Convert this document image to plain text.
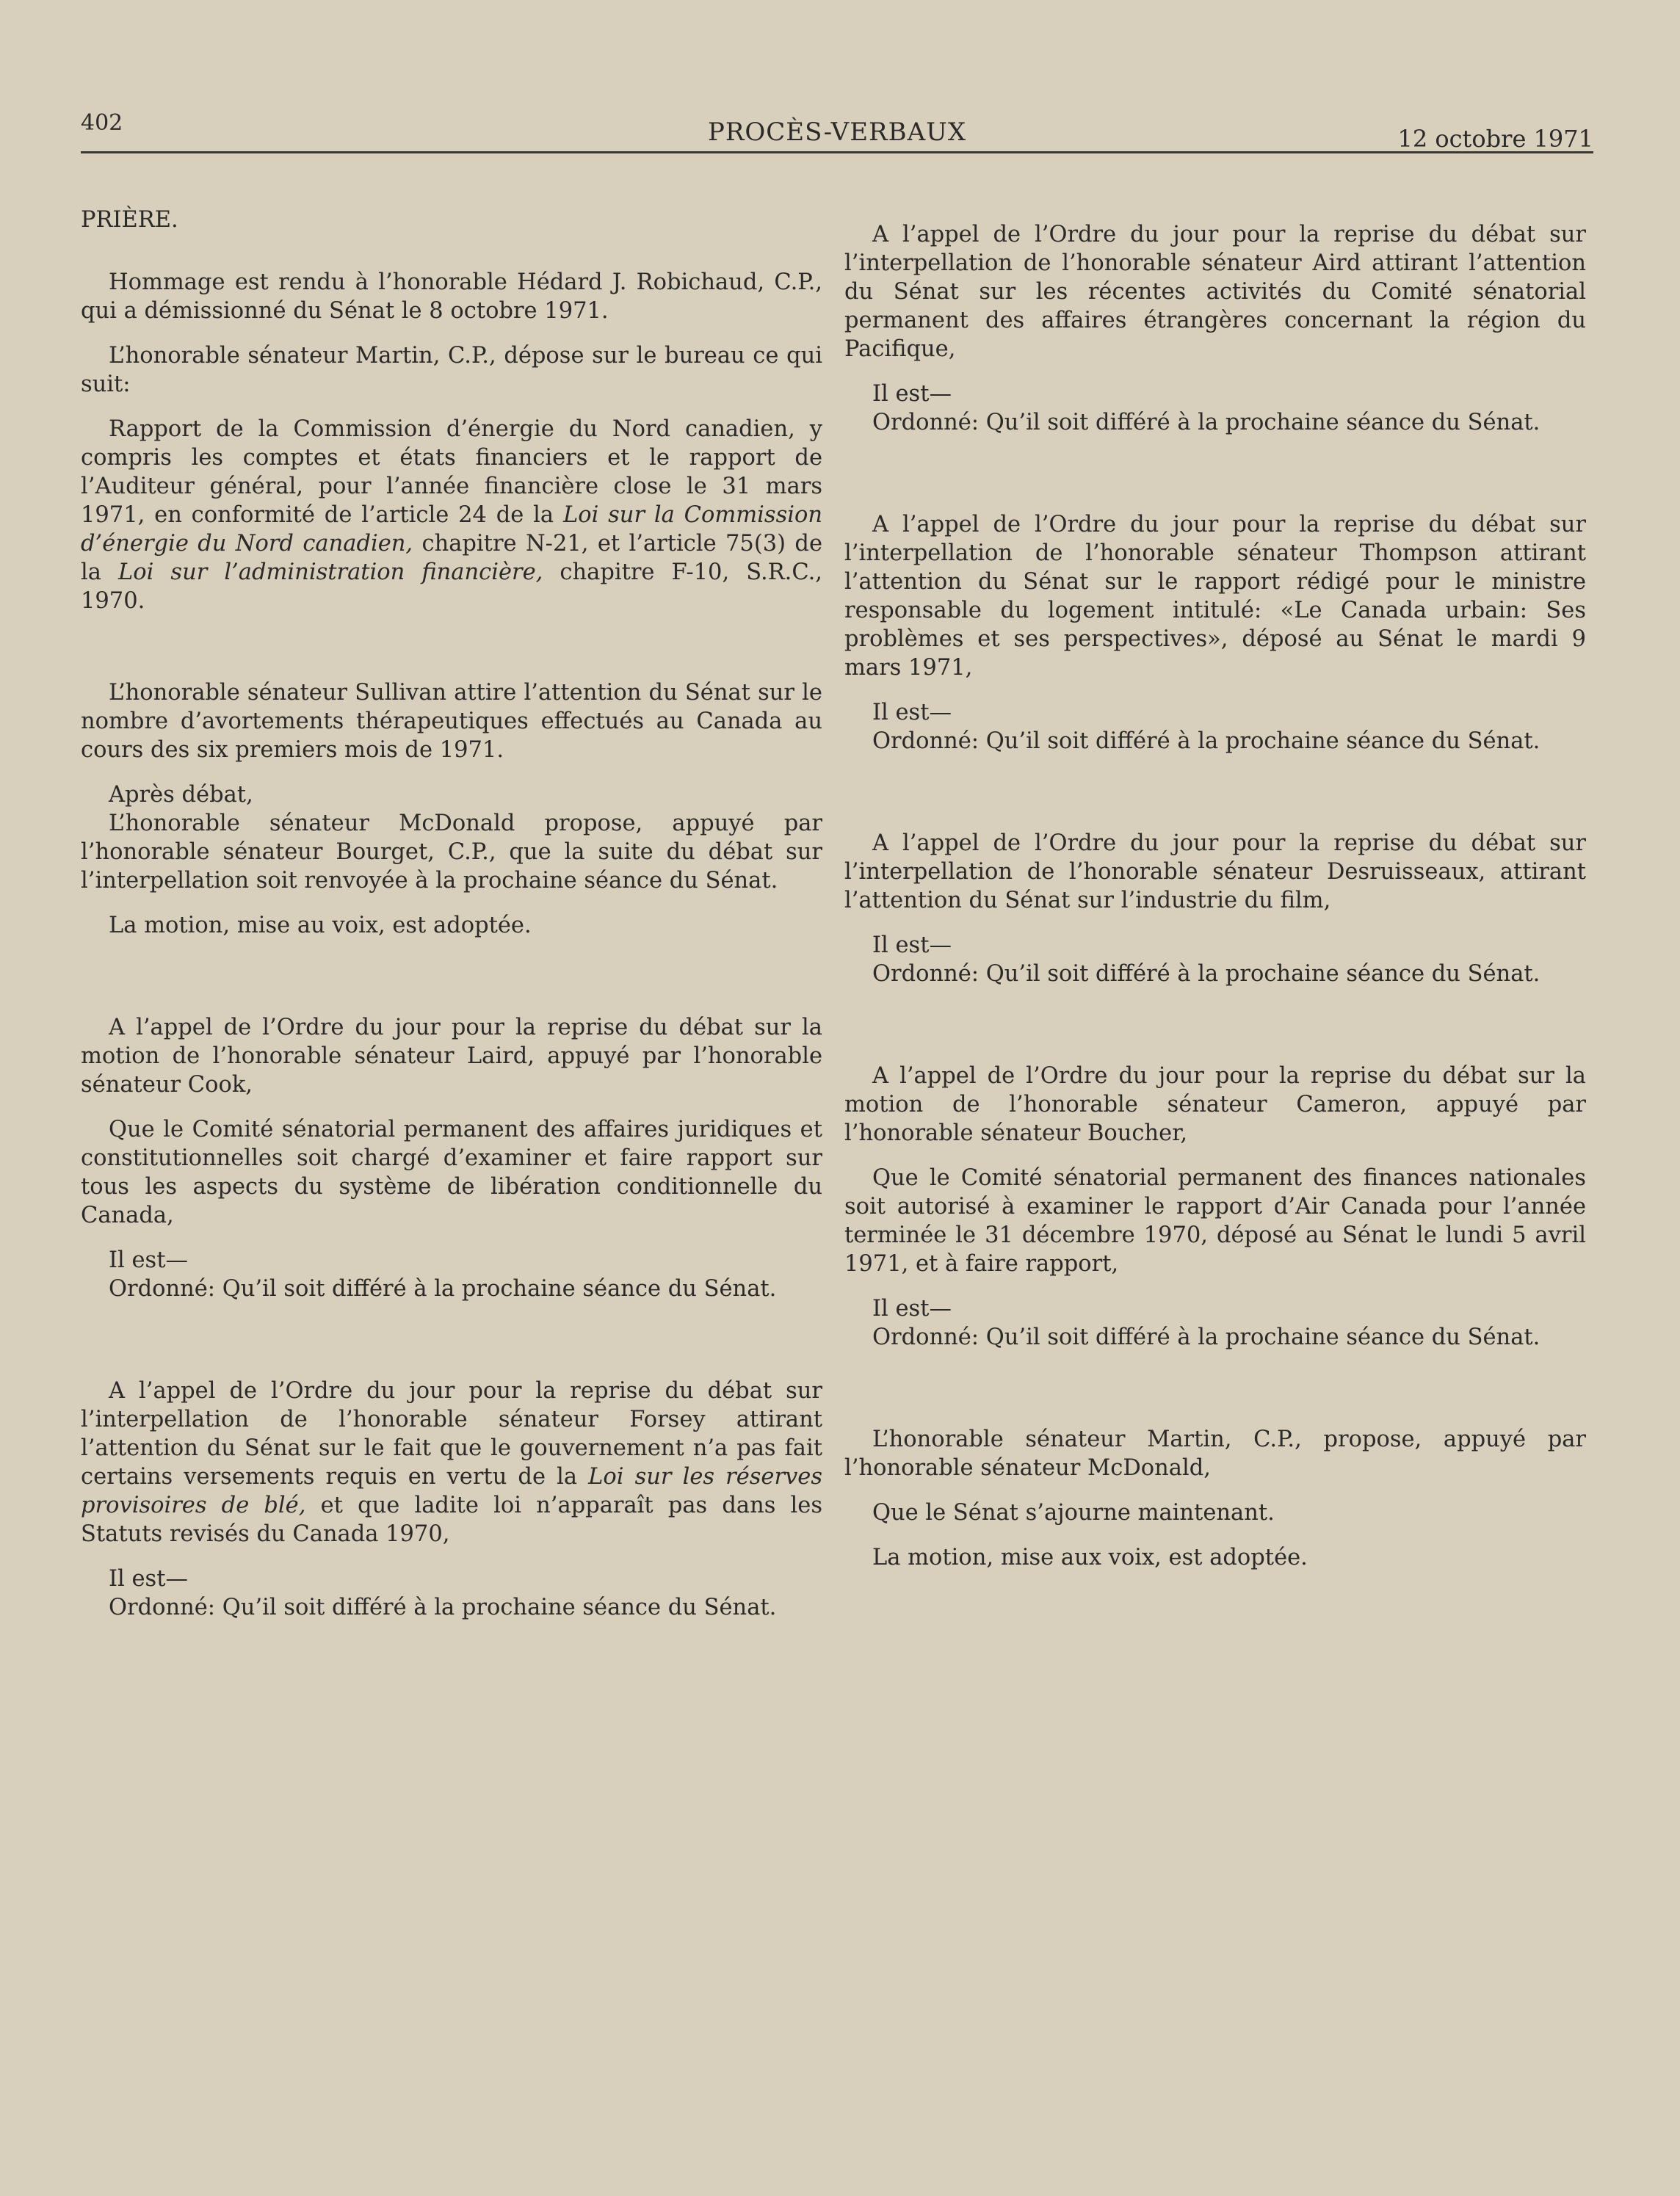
402	PROCÈS-VERBAUX	12 octobre 1971

PRIÈRE.

Hommage est rendu à l’honorable Hédard J. Robichaud, C.P., qui a démissionné du Sénat le 8 octobre 1971.

L’honorable sénateur Martin, C.P., dépose sur le bureau ce qui suit:

Rapport de la Commission d’énergie du Nord canadien, y compris les comptes et états financiers et le rapport de l’Auditeur général, pour l’année financière close le 31 mars 1971, en conformité de l’article 24 de la Loi sur la Commission d’énergie du Nord canadien, chapitre N-21, et l’article 75(3) de la Loi sur l’administration financière, chapitre F-10, S.R.C., 1970.

L’honorable sénateur Sullivan attire l’attention du Sénat sur le nombre d’avortements thérapeutiques effectués au Canada au cours des six premiers mois de 1971.

Après débat,

L’honorable sénateur McDonald propose, appuyé par l’honorable sénateur Bourget, C.P., que la suite du débat sur l’interpellation soit renvoyée à la prochaine séance du Sénat.

La motion, mise au voix, est adoptée.

A l’appel de l’Ordre du jour pour la reprise du débat sur la motion de l’honorable sénateur Laird, appuyé par l’honorable sénateur Cook,

Que le Comité sénatorial permanent des affaires juridiques et constitutionnelles soit chargé d’examiner et faire rapport sur tous les aspects du système de libération conditionnelle du Canada,

Il est—

Ordonné: Qu’il soit différé à la prochaine séance du Sénat.

A l’appel de l’Ordre du jour pour la reprise du débat sur l’interpellation de l’honorable sénateur Forsey attirant l’attention du Sénat sur le fait que le gouvernement n’a pas fait certains versements requis en vertu de la Loi sur les réserves provisoires de blé, et que ladite loi n’apparaît pas dans les Statuts revisés du Canada 1970,

Il est—

Ordonné: Qu’il soit différé à la prochaine séance du Sénat.

A l’appel de l’Ordre du jour pour la reprise du débat sur l’interpellation de l’honorable sénateur Aird attirant l’attention du Sénat sur les récentes activités du Comité sénatorial permanent des affaires étrangères concernant la région du Pacifique,

Il est—

Ordonné: Qu’il soit différé à la prochaine séance du Sénat.

A l’appel de l’Ordre du jour pour la reprise du débat sur l’interpellation de l’honorable sénateur Thompson attirant l’attention du Sénat sur le rapport rédigé pour le ministre responsable du logement intitulé: «Le Canada urbain: Ses problèmes et ses perspectives», déposé au Sénat le mardi 9 mars 1971,

Il est—

Ordonné: Qu’il soit différé à la prochaine séance du Sénat.

A l’appel de l’Ordre du jour pour la reprise du débat sur l’interpellation de l’honorable sénateur Desruisseaux, attirant l’attention du Sénat sur l’industrie du film,

Il est—

Ordonné: Qu’il soit différé à la prochaine séance du Sénat.

A l’appel de l’Ordre du jour pour la reprise du débat sur la motion de l’honorable sénateur Cameron, appuyé par l’honorable sénateur Boucher,

Que le Comité sénatorial permanent des finances nationales soit autorisé à examiner le rapport d’Air Canada pour l’année terminée le 31 décembre 1970, déposé au Sénat le lundi 5 avril 1971, et à faire rapport,

Il est—

Ordonné: Qu’il soit différé à la prochaine séance du Sénat.

L’honorable sénateur Martin, C.P., propose, appuyé par l’honorable sénateur McDonald,

Que le Sénat s’ajourne maintenant.

La motion, mise aux voix, est adoptée.
